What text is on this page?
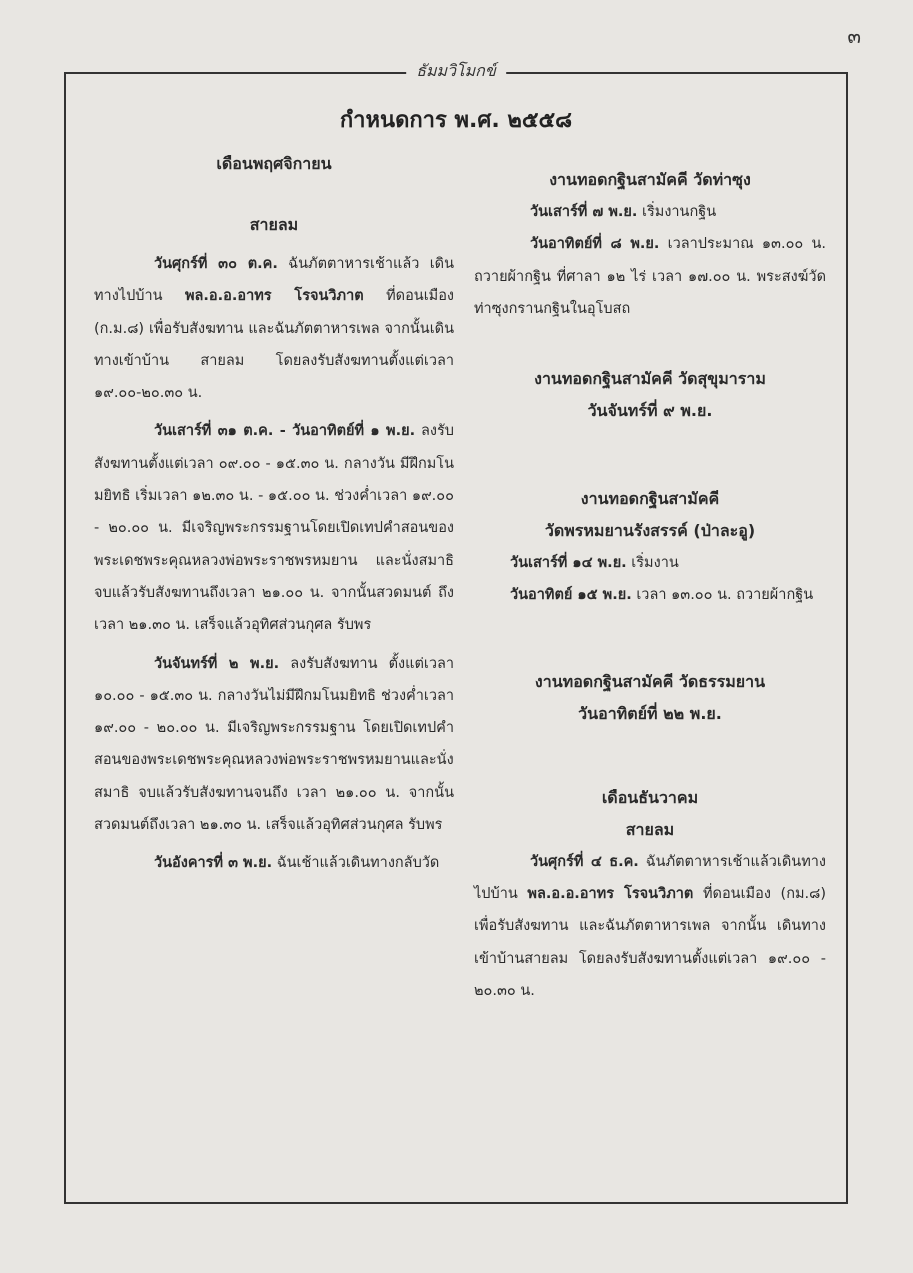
๓
ธัมมวิโมกข์
กำหนดการ พ.ศ. ๒๕๕๘
เดือนพฤศจิกายน
สายลม

วันศุกร์ที่ ๓๐ ต.ค. ฉันภัตตาหารเช้าแล้ว เดินทางไปบ้าน พล.อ.อ.อาทร โรจนวิภาต ที่ดอนเมือง (ก.ม.๘) เพื่อรับสังฆทาน และฉันภัตตาหารเพล จากนั้นเดินทางเข้าบ้าน สายลม โดยลงรับสังฆทานตั้งแต่เวลา ๑๙.๐๐-๒๐.๓๐ น.

วันเสาร์ที่ ๓๑ ต.ค. - วันอาทิตย์ที่ ๑ พ.ย. ลงรับสังฆทานตั้งแต่เวลา ๐๙.๐๐ - ๑๕.๓๐ น. กลางวัน มีฝึกมโนมยิทธิ เริ่มเวลา ๑๒.๓๐ น. - ๑๕.๐๐ น. ช่วงค่ำเวลา ๑๙.๐๐ - ๒๐.๐๐ น. มีเจริญพระกรรมฐานโดยเปิดเทปคำสอนของพระเดชพระคุณหลวงพ่อพระราชพรหมยาน และนั่งสมาธิ จบแล้วรับสังฆทานถึงเวลา ๒๑.๐๐ น. จากนั้นสวดมนต์ ถึงเวลา ๒๑.๓๐ น. เสร็จแล้วอุทิศส่วนกุศล รับพร

วันจันทร์ที่ ๒ พ.ย. ลงรับสังฆทาน ตั้งแต่เวลา ๑๐.๐๐ - ๑๕.๓๐ น. กลางวันไม่มีฝึกมโนมยิทธิ ช่วงค่ำเวลา ๑๙.๐๐ - ๒๐.๐๐ น. มีเจริญพระกรรมฐาน โดยเปิดเทปคำสอนของพระเดชพระคุณหลวงพ่อพระราชพรหมยานและนั่งสมาธิ จบแล้วรับสังฆทานจนถึง เวลา ๒๑.๐๐ น. จากนั้นสวดมนต์ถึงเวลา ๒๑.๓๐ น. เสร็จแล้วอุทิศส่วนกุศล รับพร

วันอังคารที่ ๓ พ.ย. ฉันเช้าแล้วเดินทางกลับวัด

งานทอดกฐินสามัคคี วัดท่าซุง

วันเสาร์ที่ ๗ พ.ย. เริ่มงานกฐิน

วันอาทิตย์ที่ ๘ พ.ย. เวลาประมาณ ๑๓.๐๐ น. ถวายผ้ากฐิน ที่ศาลา ๑๒ ไร่ เวลา ๑๗.๐๐ น. พระสงฆ์วัดท่าซุงกรานกฐินในอุโบสถ

งานทอดกฐินสามัคคี วัดสุขุมาราม
วันจันทร์ที่ ๙ พ.ย.
งานทอดกฐินสามัคคี
วัดพรหมยานรังสรรค์ (ป่าละอู)

วันเสาร์ที่ ๑๔ พ.ย. เริ่มงาน

วันอาทิตย์ ๑๕ พ.ย. เวลา ๑๓.๐๐ น. ถวายผ้ากฐิน

งานทอดกฐินสามัคคี วัดธรรมยาน
วันอาทิตย์ที่ ๒๒ พ.ย.
เดือนธันวาคม
สายลม

วันศุกร์ที่ ๔ ธ.ค. ฉันภัตตาหารเช้าแล้วเดินทางไปบ้าน พล.อ.อ.อาทร โรจนวิภาต ที่ดอนเมือง (กม.๘) เพื่อรับสังฆทาน และฉันภัตตาหารเพล จากนั้น เดินทางเข้าบ้านสายลม โดยลงรับสังฆทานตั้งแต่เวลา ๑๙.๐๐ - ๒๐.๓๐ น.
